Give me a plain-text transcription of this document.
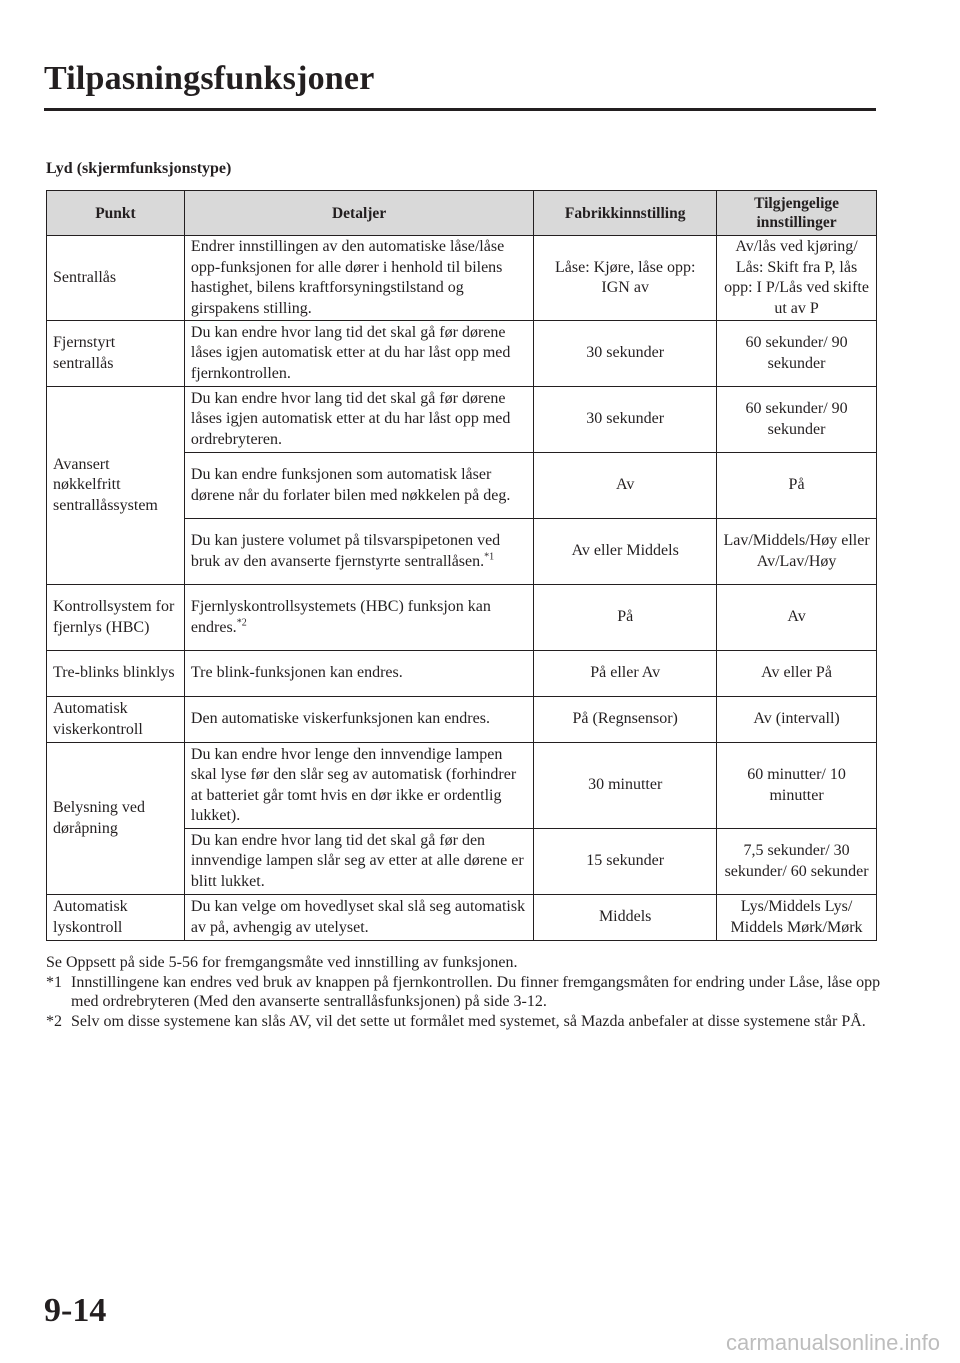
Tilpasningsfunksjoner
Lyd (skjermfunksjonstype)
Punkt	Detaljer	Fabrikkinnstilling	Tilgjengelige innstillinger
Sentrallås	Endrer innstillingen av den automatiske låse/låse opp-funksjonen for alle dører i henhold til bilens hastighet, bilens kraftforsyningstilstand og girspakens stilling.	Låse: Kjøre, låse opp: IGN av	Av/lås ved kjøring/ Lås: Skift fra P, lås opp: I P/Lås ved skifte ut av P
Fjernstyrt sentrallås	Du kan endre hvor lang tid det skal gå før dørene låses igjen automatisk etter at du har låst opp med fjernkontrollen.	30 sekunder	60 sekunder/ 90 sekunder
Avansert nøkkelfritt sentrallåssystem	Du kan endre hvor lang tid det skal gå før dørene låses igjen automatisk etter at du har låst opp med ordrebryteren.	30 sekunder	60 sekunder/ 90 sekunder
	Du kan endre funksjonen som automatisk låser dørene når du forlater bilen med nøkkelen på deg.	Av	På
	Du kan justere volumet på tilsvarspipetonen ved bruk av den avanserte fjernstyrte sentrallåsen.$^{*1}$	Av eller Middels	Lav/Middels/Høy eller Av/Lav/Høy
Kontrollsystem for fjernlys (HBC)	Fjernlyskontrollsystemets (HBC) funksjon kan endres.$^{*2}$	På	Av
Tre-blinks blinklys	Tre blink-funksjonen kan endres.	På eller Av	Av eller På
Automatisk viskerkontroll	Den automatiske viskerfunksjonen kan endres.	På (Regnsensor)	Av (intervall)
Belysning ved døråpning	Du kan endre hvor lenge den innvendige lampen skal lyse før den slår seg av automatisk (forhindrer at batteriet går tomt hvis en dør ikke er ordentlig lukket).	30 minutter	60 minutter/ 10 minutter
	Du kan endre hvor lang tid det skal gå før den innvendige lampen slår seg av etter at alle dørene er blitt lukket.	15 sekunder	7,5 sekunder/ 30 sekunder/ 60 sekunder
Automatisk lyskontroll	Du kan velge om hovedlyset skal slå seg automatisk av på, avhengig av utelyset.	Middels	Lys/Middels Lys/ Middels Mørk/Mørk

Se Oppsett på side 5-56 for fremgangsmåte ved innstilling av funksjonen.

*1 Innstillingene kan endres ved bruk av knappen på fjernkontrollen. Du finner fremgangsmåten for endring under Låse, låse opp med ordrebryteren (Med den avanserte sentrallåsfunksjonen) på side 3-12.

*2 Selv om disse systemene kan slås AV, vil det sette ut formålet med systemet, så Mazda anbefaler at disse systemene står PÅ.

9-14
carmanualsonline.info
